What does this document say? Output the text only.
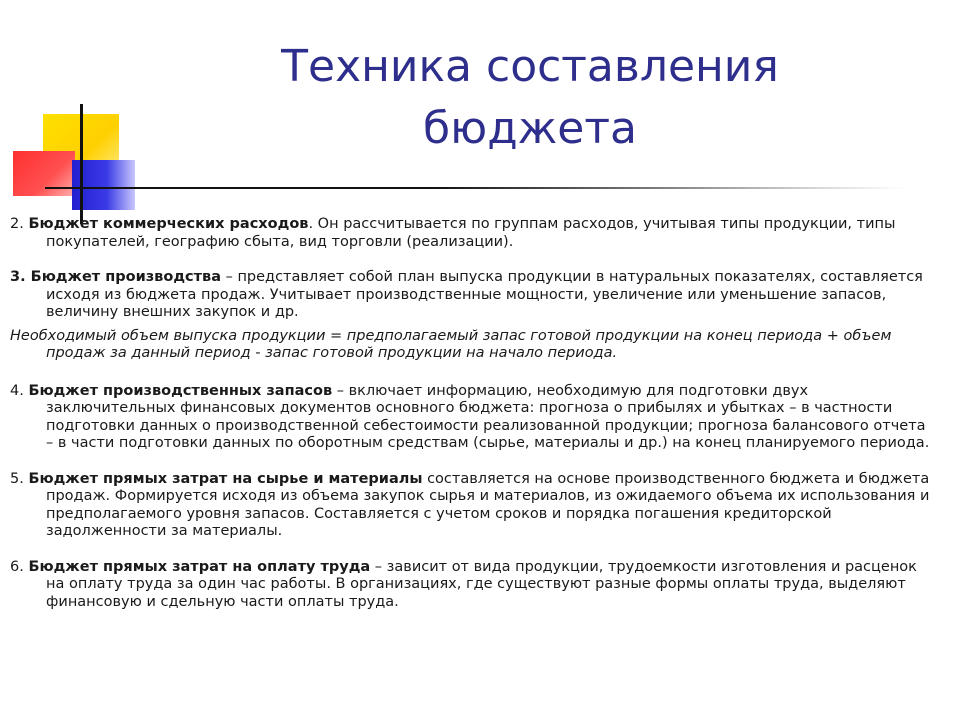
Техника составления
бюджета

2. Бюджет коммерческих расходов. Он рассчитывается по группам расходов, учитывая типы продукции, типы покупателей, географию сбыта, вид торговли (реализации).

3. Бюджет производства – представляет собой план выпуска продукции в натуральных показателях, составляется исходя из бюджета продаж. Учитывает производственные мощности, увеличение или уменьшение запасов, величину внешних закупок и др.

Необходимый объем выпуска продукции = предполагаемый запас готовой продукции на конец периода + объем продаж за данный период - запас готовой продукции на начало периода.

4. Бюджет производственных запасов – включает информацию, необходимую для подготовки двух заключительных финансовых документов основного бюджета: прогноза о прибылях и убытках – в частности подготовки данных о производственной себестоимости реализованной продукции; прогноза балансового отчета – в части подготовки данных по оборотным средствам (сырье, материалы и др.) на конец планируемого периода.

5. Бюджет прямых затрат на сырье и материалы составляется на основе производственного бюджета и бюджета продаж. Формируется исходя из объема закупок сырья и материалов, из ожидаемого объема их использования и предполагаемого уровня запасов. Составляется с учетом сроков и порядка погашения кредиторской задолженности за материалы.

6. Бюджет прямых затрат на оплату труда – зависит от вида продукции, трудоемкости изготовления и расценок на оплату труда за один час работы. В организациях, где существуют разные формы оплаты труда, выделяют финансовую и сдельную части оплаты труда.
